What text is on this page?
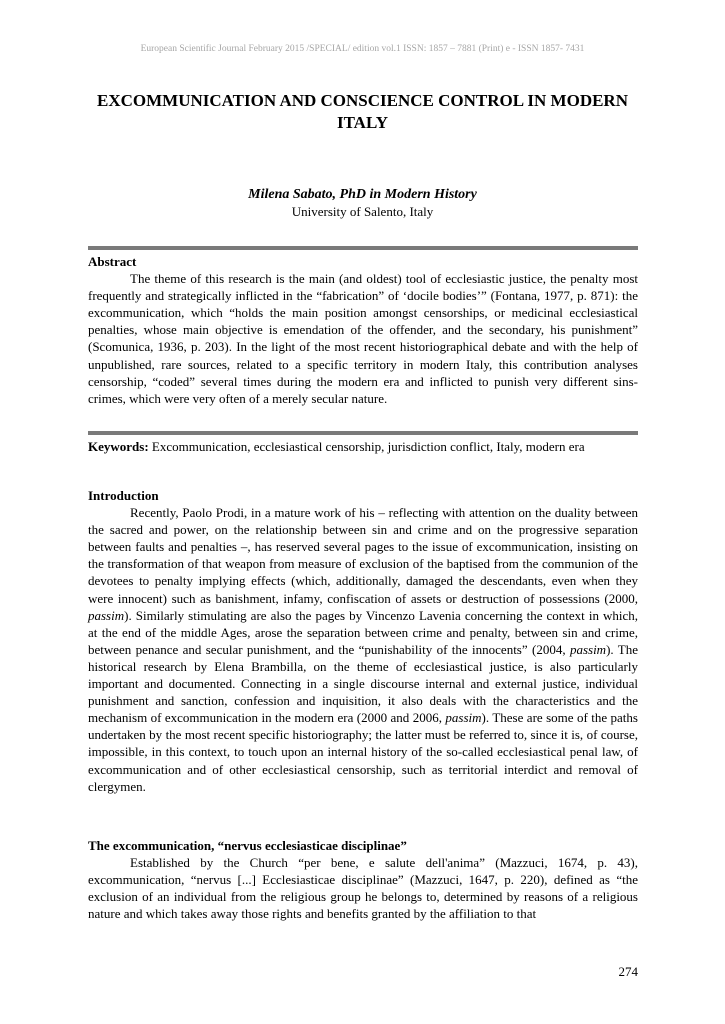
European Scientific Journal February 2015 /SPECIAL/ edition vol.1 ISSN: 1857 – 7881 (Print) e - ISSN 1857- 7431
EXCOMMUNICATION AND CONSCIENCE CONTROL IN MODERN ITALY
Milena Sabato, PhD in Modern History
University of Salento, Italy
Abstract
The theme of this research is the main (and oldest) tool of ecclesiastic justice, the penalty most frequently and strategically inflicted in the “fabrication” of ‘docile bodies’” (Fontana, 1977, p. 871): the excommunication, which “holds the main position amongst censorships, or medicinal ecclesiastical penalties, whose main objective is emendation of the offender, and the secondary, his punishment” (Scomunica, 1936, p. 203). In the light of the most recent historiographical debate and with the help of unpublished, rare sources, related to a specific territory in modern Italy, this contribution analyses censorship, “coded” several times during the modern era and inflicted to punish very different sins-crimes, which were very often of a merely secular nature.
Keywords: Excommunication, ecclesiastical censorship, jurisdiction conflict, Italy, modern era
Introduction
Recently, Paolo Prodi, in a mature work of his – reflecting with attention on the duality between the sacred and power, on the relationship between sin and crime and on the progressive separation between faults and penalties –, has reserved several pages to the issue of excommunication, insisting on the transformation of that weapon from measure of exclusion of the baptised from the communion of the devotees to penalty implying effects (which, additionally, damaged the descendants, even when they were innocent) such as banishment, infamy, confiscation of assets or destruction of possessions (2000, passim). Similarly stimulating are also the pages by Vincenzo Lavenia concerning the context in which, at the end of the middle Ages, arose the separation between crime and penalty, between sin and crime, between penance and secular punishment, and the “punishability of the innocents” (2004, passim). The historical research by Elena Brambilla, on the theme of ecclesiastical justice, is also particularly important and documented. Connecting in a single discourse internal and external justice, individual punishment and sanction, confession and inquisition, it also deals with the characteristics and the mechanism of excommunication in the modern era (2000 and 2006, passim). These are some of the paths undertaken by the most recent specific historiography; the latter must be referred to, since it is, of course, impossible, in this context, to touch upon an internal history of the so-called ecclesiastical penal law, of excommunication and of other ecclesiastical censorship, such as territorial interdict and removal of clergymen.
The excommunication, “nervus ecclesiasticae disciplinae”
Established by the Church “per bene, e salute dell'anima” (Mazzuci, 1674, p. 43), excommunication, “nervus [...] Ecclesiasticae disciplinae” (Mazzuci, 1647, p. 220), defined as “the exclusion of an individual from the religious group he belongs to, determined by reasons of a religious nature and which takes away those rights and benefits granted by the affiliation to that
274
